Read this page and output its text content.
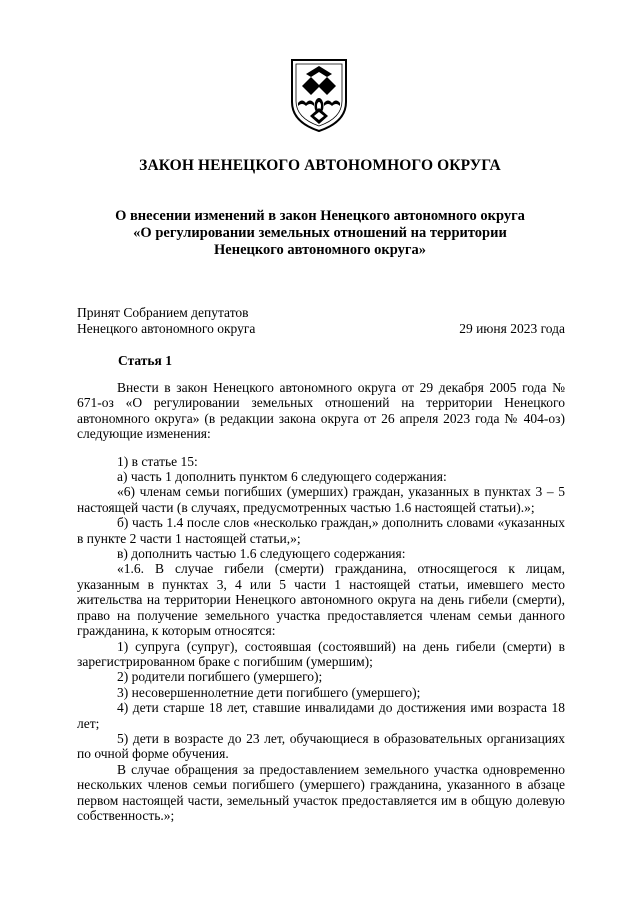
ЗАКОН НЕНЕЦКОГО АВТОНОМНОГО ОКРУГА
О внесении изменений в закон Ненецкого автономного округа
«О регулировании земельных отношений на территории
Ненецкого автономного округа»
Принят Собранием депутатов
Ненецкого автономного округа	29 июня 2023 года
Статья 1

Внести в закон Ненецкого автономного округа от 29 декабря 2005 года № 671-оз «О регулировании земельных отношений на территории Ненецкого автономного округа» (в редакции закона округа от 26 апреля 2023 года № 404-оз) следующие изменения:

1) в статье 15:

а) часть 1 дополнить пунктом 6 следующего содержания:

«6) членам семьи погибших (умерших) граждан, указанных в пунктах 3 – 5 настоящей части (в случаях, предусмотренных частью 1.6 настоящей статьи).»;

б) часть 1.4 после слов «несколько граждан,» дополнить словами «указанных в пункте 2 части 1 настоящей статьи,»;

в) дополнить частью 1.6 следующего содержания:

«1.6. В случае гибели (смерти) гражданина, относящегося к лицам, указанным в пунктах 3, 4 или 5 части 1 настоящей статьи, имевшего место жительства на территории Ненецкого автономного округа на день гибели (смерти), право на получение земельного участка предоставляется членам семьи данного гражданина, к которым относятся:

1) супруга (супруг), состоявшая (состоявший) на день гибели (смерти) в зарегистрированном браке с погибшим (умершим);

2) родители погибшего (умершего);

3) несовершеннолетние дети погибшего (умершего);

4) дети старше 18 лет, ставшие инвалидами до достижения ими возраста 18 лет;

5) дети в возрасте до 23 лет, обучающиеся в образовательных организациях по очной форме обучения.

В случае обращения за предоставлением земельного участка одновременно нескольких членов семьи погибшего (умершего) гражданина, указанного в абзаце первом настоящей части, земельный участок предоставляется им в общую долевую собственность.»;
